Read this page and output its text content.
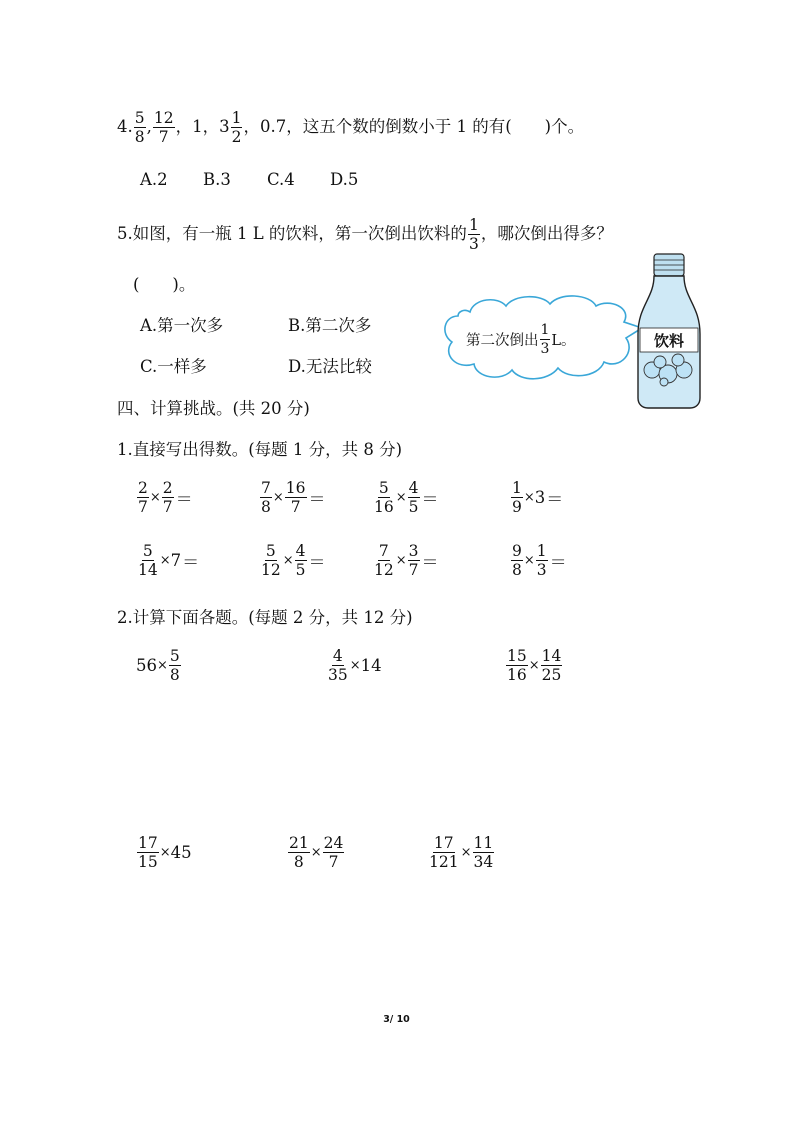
4. $\frac{5}{8}$ , $\frac{12}{7}$ ，1，$3 \frac{1}{2}$ ，0.7，这五个数的倒数小于 1 的有(　　)个。
5.如图，有一瓶 1 L 的饮料，第一次倒出饮料的 $\frac{1}{3}$ ，哪次倒出得多？
(　　)。
第二次倒出 $\frac{1}{3}$ L。	饮料
四、计算挑战。(共 20 分)
1.直接写出得数。(每题 1 分，共 8 分)
2.计算下面各题。(每题 2 分，共 12 分)
3/ 10
A.2 B.3 C.4 D.5
A.第一次多	B.第二次多
C.一样多	D.无法比较
$\frac{2}{7} \times \frac{2}{7}$ ＝	$\frac{7}{8} \times \frac{16}{7}$ ＝	$\frac{5}{16} \times \frac{4}{5}$ ＝	$\frac{1}{9} \times 3$ ＝
$\frac{5}{14} \times 7$ ＝	$\frac{5}{12} \times \frac{4}{5}$ ＝	$\frac{7}{12} \times \frac{3}{7}$ ＝	$\frac{9}{8} \times \frac{1}{3}$ ＝
$56 \times \frac{5}{8}$	$\frac{4}{35} \times 14$	$\frac{15}{16} \times \frac{14}{25}$
$\frac{17}{15} \times 45$	$\frac{21}{8} \times \frac{24}{7}$	$\frac{17}{121} \times \frac{11}{34}$
